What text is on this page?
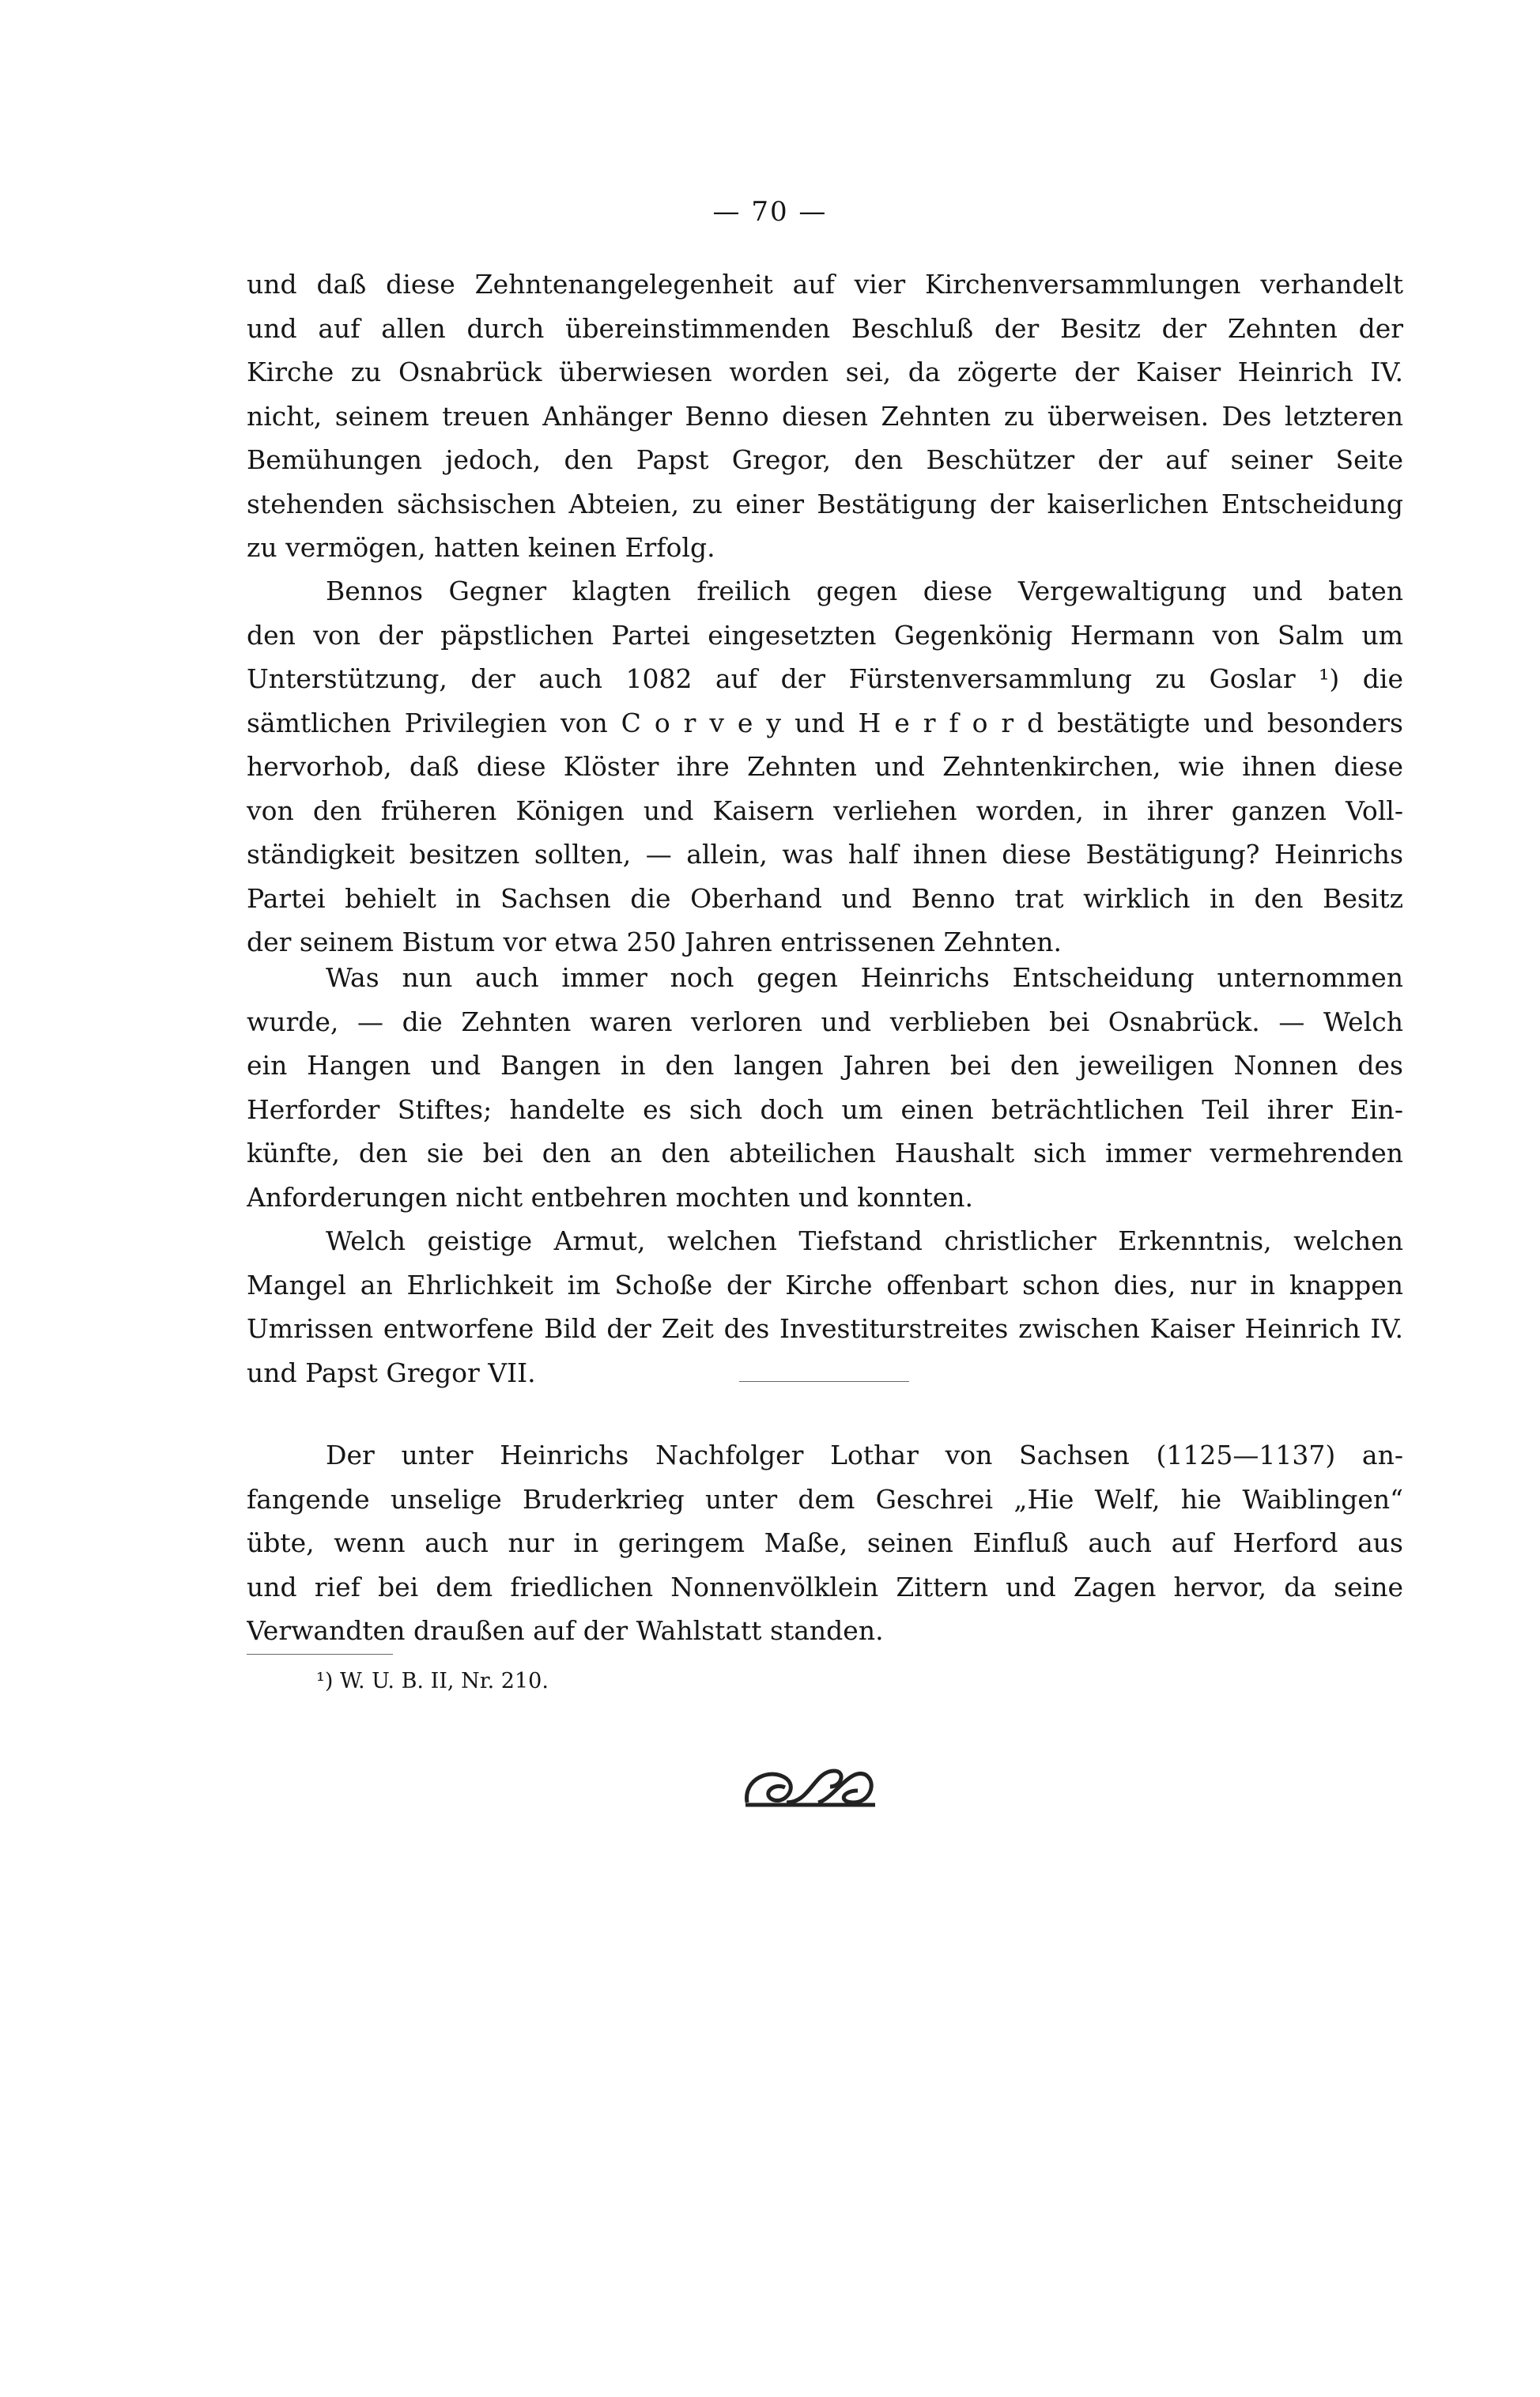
— 70 —
und daß diese Zehntenangelegenheit auf vier Kirchenversammlungen verhandelt
und auf allen durch übereinstimmenden Beschluß der Besitz der Zehnten der
Kirche zu Osnabrück überwiesen worden sei, da zögerte der Kaiser Heinrich IV.
nicht, seinem treuen Anhänger Benno diesen Zehnten zu überweisen. Des letzteren
Bemühungen jedoch, den Papst Gregor, den Beschützer der auf seiner Seite
stehenden sächsischen Abteien, zu einer Bestätigung der kaiserlichen Entscheidung
zu vermögen, hatten keinen Erfolg.
Bennos Gegner klagten freilich gegen diese Vergewaltigung und baten
den von der päpstlichen Partei eingesetzten Gegenkönig Hermann von Salm um
Unterstützung, der auch 1082 auf der Fürstenversammlung zu Goslar ¹) die
sämtlichen Privilegien von C o r v e y und H e r f o r d bestätigte und besonders
hervorhob, daß diese Klöster ihre Zehnten und Zehntenkirchen, wie ihnen diese
von den früheren Königen und Kaisern verliehen worden, in ihrer ganzen Voll-
ständigkeit besitzen sollten, — allein, was half ihnen diese Bestätigung? Heinrichs
Partei behielt in Sachsen die Oberhand und Benno trat wirklich in den Besitz
der seinem Bistum vor etwa 250 Jahren entrissenen Zehnten.
Was nun auch immer noch gegen Heinrichs Entscheidung unternommen
wurde, — die Zehnten waren verloren und verblieben bei Osnabrück. — Welch
ein Hangen und Bangen in den langen Jahren bei den jeweiligen Nonnen des
Herforder Stiftes; handelte es sich doch um einen beträchtlichen Teil ihrer Ein-
künfte, den sie bei den an den abteilichen Haushalt sich immer vermehrenden
Anforderungen nicht entbehren mochten und konnten.
Welch geistige Armut, welchen Tiefstand christlicher Erkenntnis, welchen
Mangel an Ehrlichkeit im Schoße der Kirche offenbart schon dies, nur in knappen
Umrissen entworfene Bild der Zeit des Investiturstreites zwischen Kaiser Heinrich IV.
und Papst Gregor VII.
Der unter Heinrichs Nachfolger Lothar von Sachsen (1125—1137) an-
fangende unselige Bruderkrieg unter dem Geschrei „Hie Welf, hie Waiblingen“
übte, wenn auch nur in geringem Maße, seinen Einfluß auch auf Herford aus
und rief bei dem friedlichen Nonnenvölklein Zittern und Zagen hervor, da seine
Verwandten draußen auf der Wahlstatt standen.
¹) W. U. B. II, Nr. 210.
